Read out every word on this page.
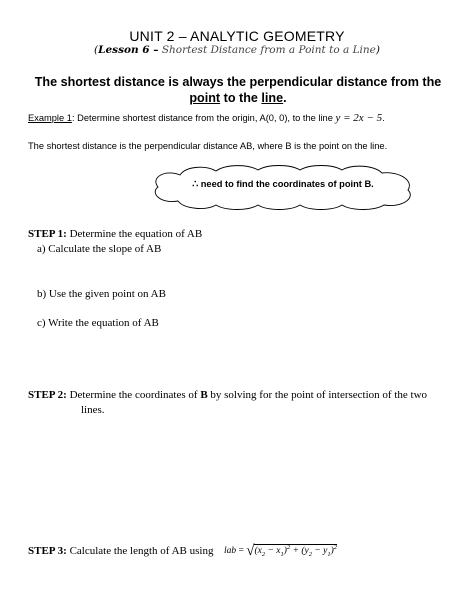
UNIT 2 – ANALYTIC GEOMETRY
(Lesson 6 – Shortest Distance from a Point to a Line)
The shortest distance is always the perpendicular distance from the point to the line.
Example 1: Determine shortest distance from the origin, A(0, 0), to the line y = 2x − 5.
The shortest distance is the perpendicular distance AB, where B is the point on the line.
∴ need to find the coordinates of point B.
STEP 1: Determine the equation of AB
a) Calculate the slope of AB
b) Use the given point on AB
c) Write the equation of AB
STEP 2: Determine the coordinates of B by solving for the point of intersection of the two
lines.
STEP 3: Calculate the length of AB using lab = $√(x_2 - x_1)^2 + (y_2 - y_1)^2$
